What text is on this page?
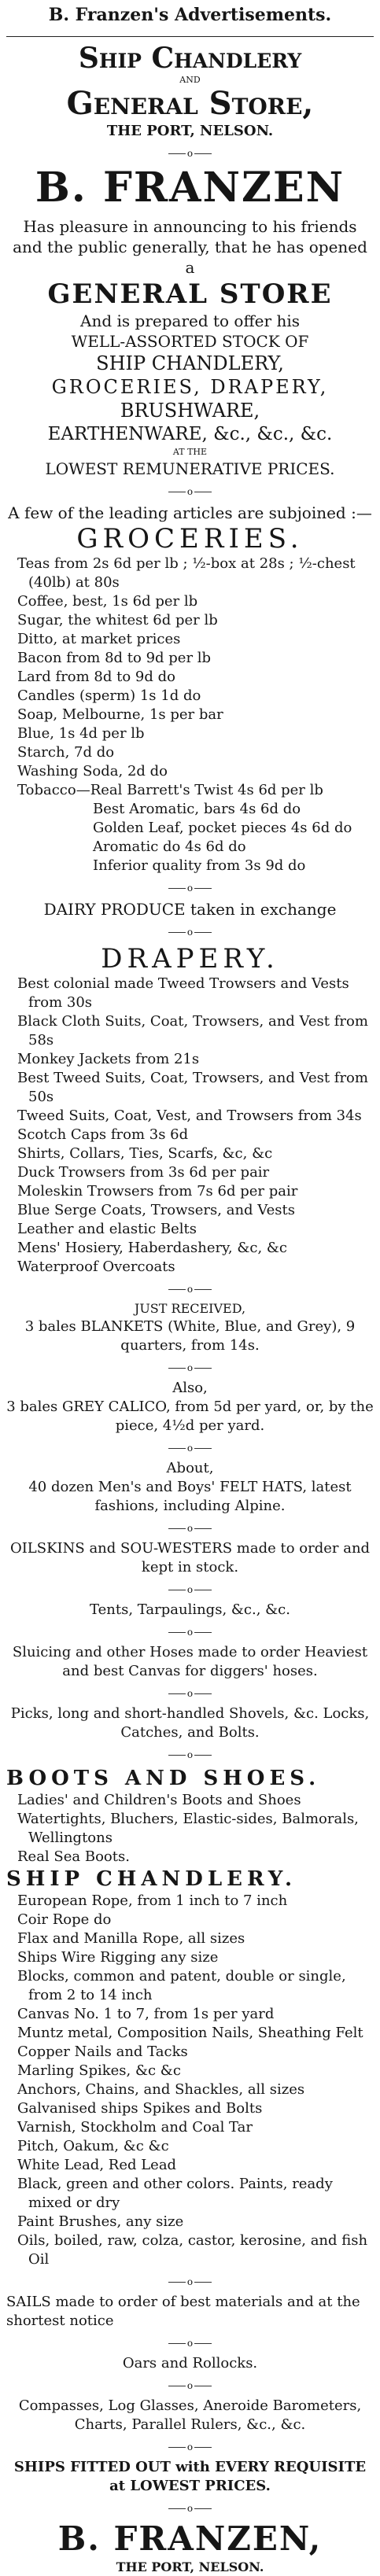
B. Franzen's Advertisements.
Ship Chandlery
AND
General Store,
THE PORT, NELSON.
o
B. FRANZEN
Has pleasure in announcing to his friends and the public generally, that he has opened a
GENERAL STORE
And is prepared to offer his
WELL-ASSORTED STOCK OF
SHIP CHANDLERY,
GROCERIES, DRAPERY,
BRUSHWARE,
EARTHENWARE, &c., &c., &c.
AT THE
LOWEST REMUNERATIVE PRICES.
o
A few of the leading articles are subjoined :—
GROCERIES.
Teas from 2s 6d per lb ; ½-box at 28s ; ½-chest (40lb) at 80s
Coffee, best, 1s 6d per lb
Sugar, the whitest 6d per lb
Ditto, at market prices
Bacon from 8d to 9d per lb
Lard from 8d to 9d do
Candles (sperm) 1s 1d do
Soap, Melbourne, 1s per bar
Blue, 1s 4d per lb
Starch, 7d do
Washing Soda, 2d do
Tobacco—Real Barrett's Twist 4s 6d per lb
Best Aromatic, bars 4s 6d do
Golden Leaf, pocket pieces 4s 6d do
Aromatic do 4s 6d do
Inferior quality from 3s 9d do
o
DAIRY PRODUCE taken in exchange
o
DRAPERY.
Best colonial made Tweed Trowsers and Vests from 30s
Black Cloth Suits, Coat, Trowsers, and Vest from 58s
Monkey Jackets from 21s
Best Tweed Suits, Coat, Trowsers, and Vest from 50s
Tweed Suits, Coat, Vest, and Trowsers from 34s
Scotch Caps from 3s 6d
Shirts, Collars, Ties, Scarfs, &c, &c
Duck Trowsers from 3s 6d per pair
Moleskin Trowsers from 7s 6d per pair
Blue Serge Coats, Trowsers, and Vests
Leather and elastic Belts
Mens' Hosiery, Haberdashery, &c, &c
Waterproof Overcoats
o
JUST RECEIVED,
3 bales BLANKETS (White, Blue, and Grey), 9 quarters, from 14s.
o
Also,
3 bales GREY CALICO, from 5d per yard, or, by the piece, 4½d per yard.
o
About,
40 dozen Men's and Boys' FELT HATS, latest fashions, including Alpine.
o
OILSKINS and SOU-WESTERS made to order and kept in stock.
o
Tents, Tarpaulings, &c., &c.
o
Sluicing and other Hoses made to order Heaviest and best Canvas for diggers' hoses.
o
Picks, long and short-handled Shovels, &c. Locks, Catches, and Bolts.
o
BOOTS AND SHOES.
Ladies' and Children's Boots and Shoes
Watertights, Bluchers, Elastic-sides, Balmorals, Wellingtons
Real Sea Boots.
SHIP CHANDLERY.
European Rope, from 1 inch to 7 inch
Coir Rope do
Flax and Manilla Rope, all sizes
Ships Wire Rigging any size
Blocks, common and patent, double or single, from 2 to 14 inch
Canvas No. 1 to 7, from 1s per yard
Muntz metal, Composition Nails, Sheathing Felt
Copper Nails and Tacks
Marling Spikes, &c &c
Anchors, Chains, and Shackles, all sizes
Galvanised ships Spikes and Bolts
Varnish, Stockholm and Coal Tar
Pitch, Oakum, &c &c
White Lead, Red Lead
Black, green and other colors. Paints, ready mixed or dry
Paint Brushes, any size
Oils, boiled, raw, colza, castor, kerosine, and fish Oil
o
SAILS made to order of best materials and at the shortest notice
o
Oars and Rollocks.
o
Compasses, Log Glasses, Aneroide Barometers, Charts, Parallel Rulers, &c., &c.
o
SHIPS FITTED OUT with EVERY REQUISITE at LOWEST PRICES.
o
B. FRANZEN,
THE PORT, NELSON.
